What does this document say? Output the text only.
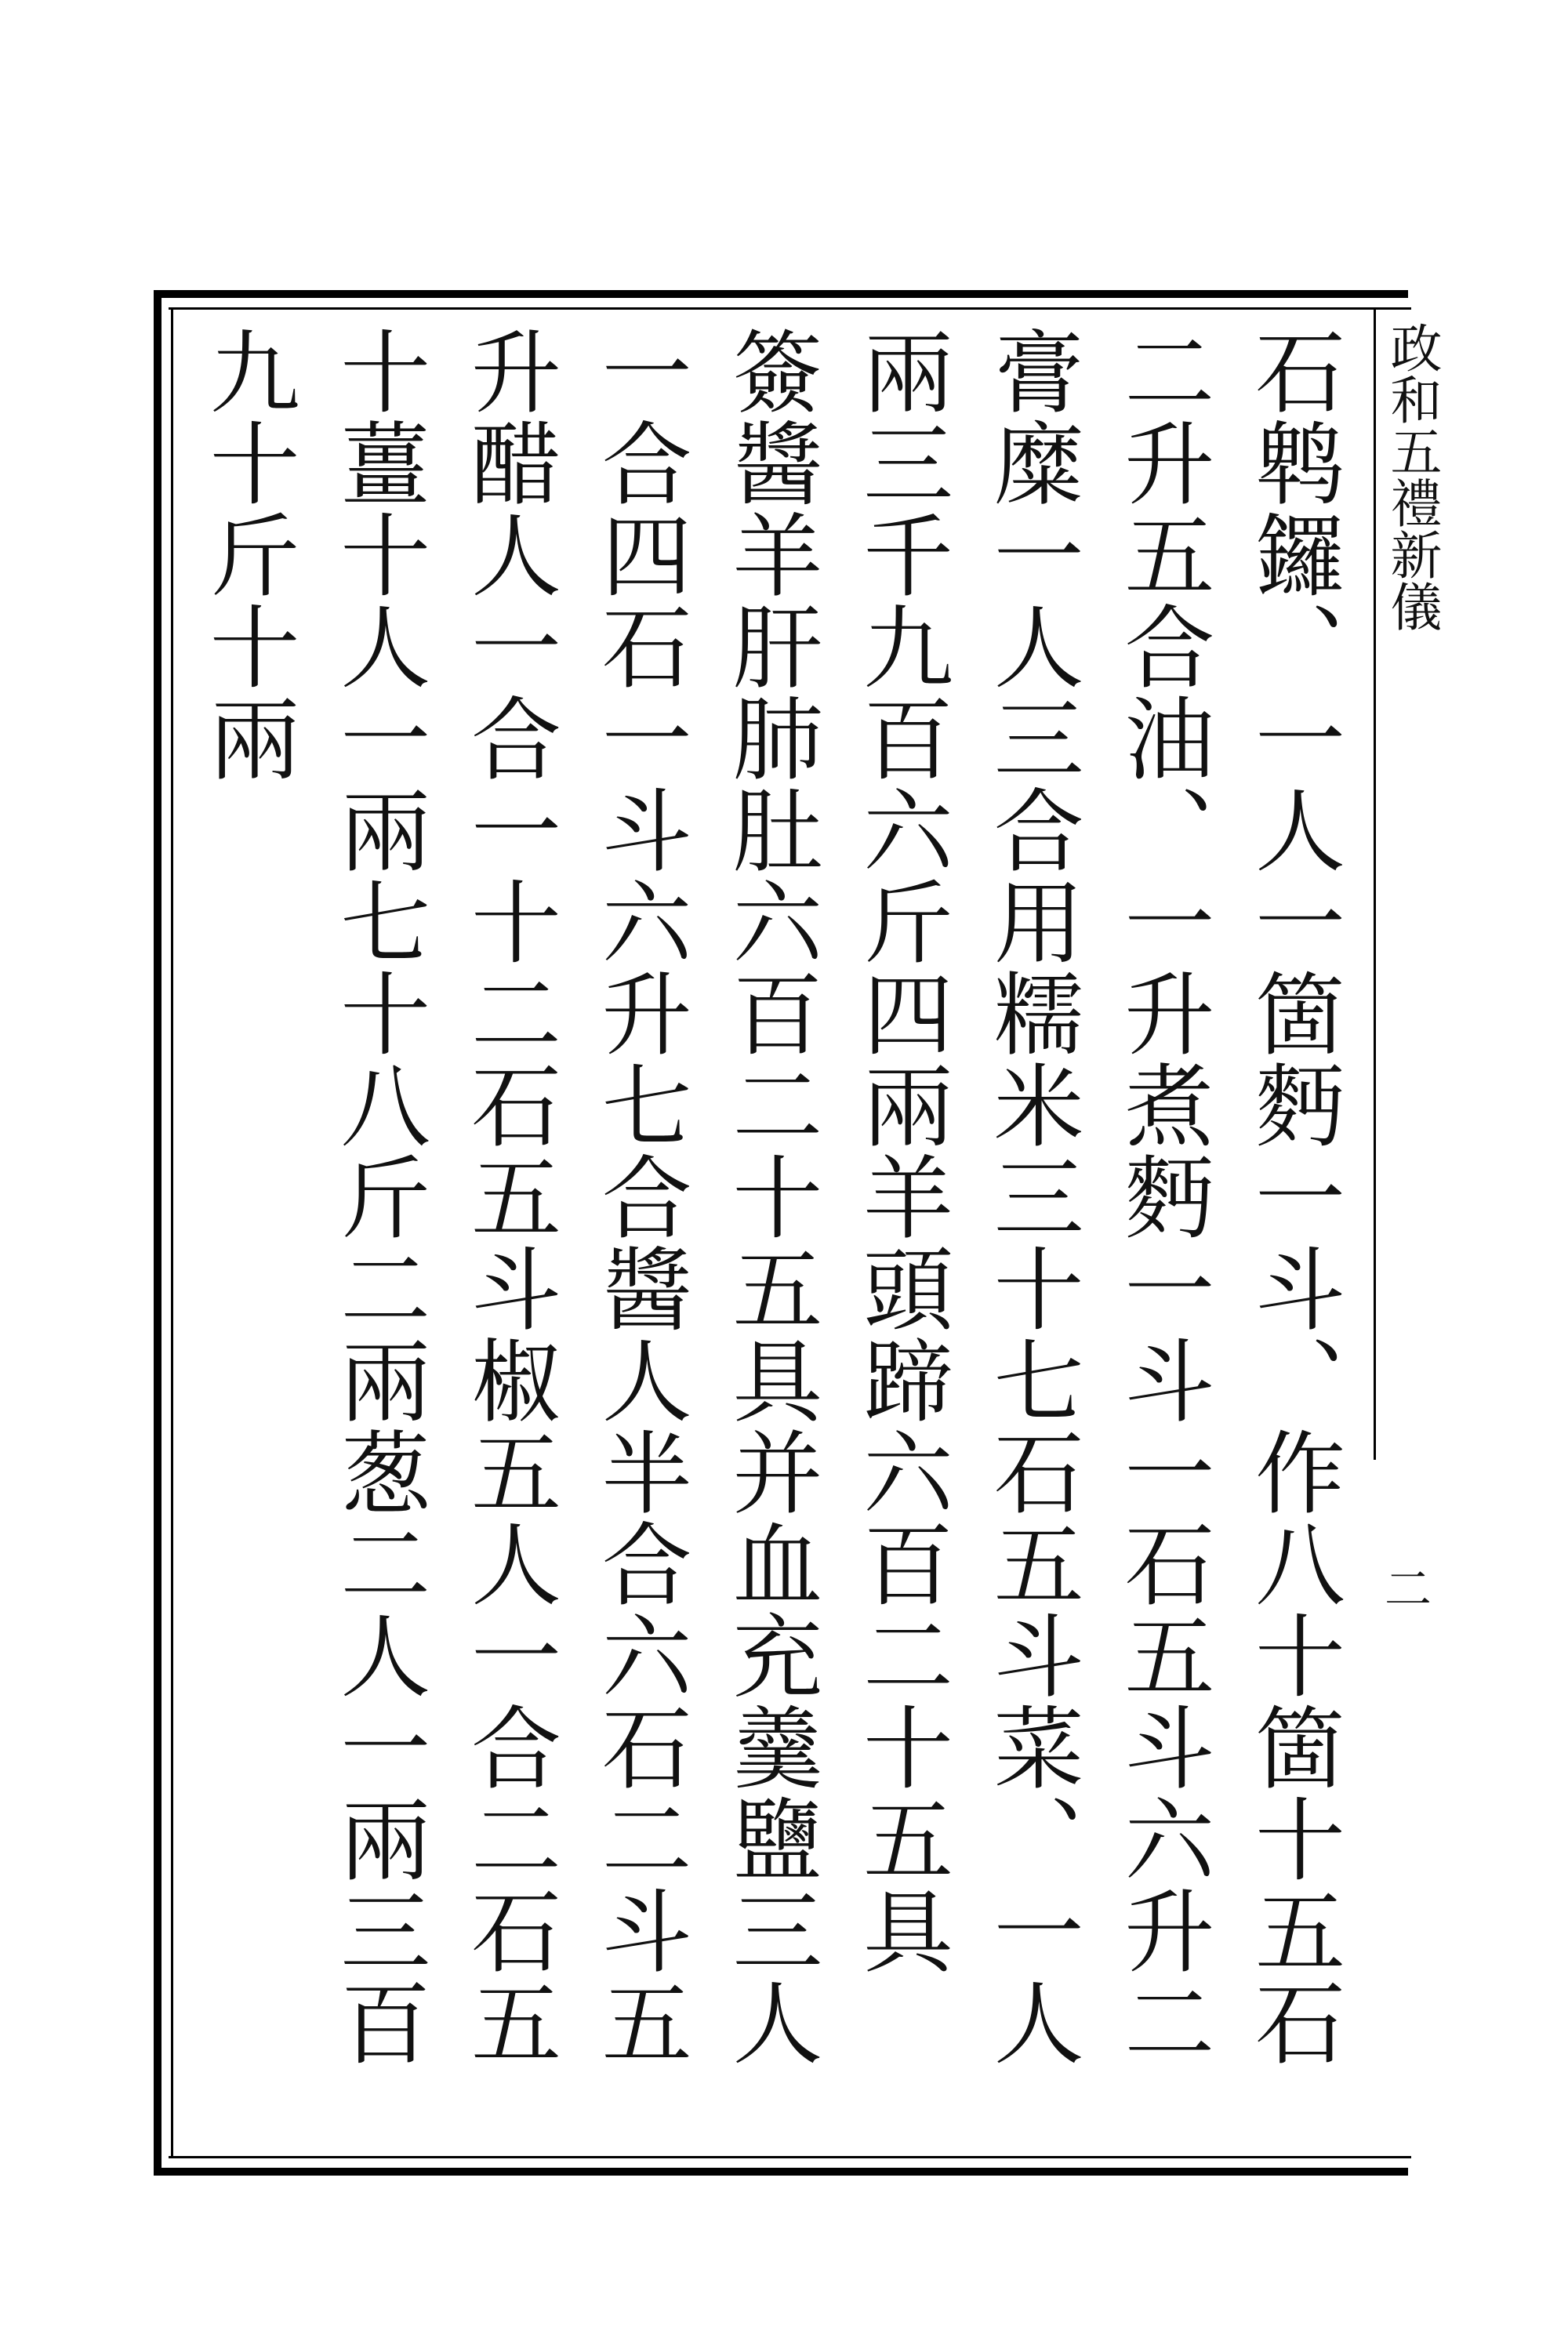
政和五禮新儀
二
石鹎鑼、一人一箇麪一斗、作八十箇十五石
二升五合油、一升煮麪一斗一石五斗六升二
膏糜一人三合用糯米三十七石五斗菜、一人
兩三千九百六斤四兩羊頭蹄六百二十五具
簽醬羊肝肺肚六百二十五具并血充羹鹽三人
一合四石一斗六升七合醬人半合六石二斗五
升醋人一合一十二石五斗椒五人一合二石五
十薑十人一兩七十八斤二兩葱二人一兩三百
九十斤十兩
